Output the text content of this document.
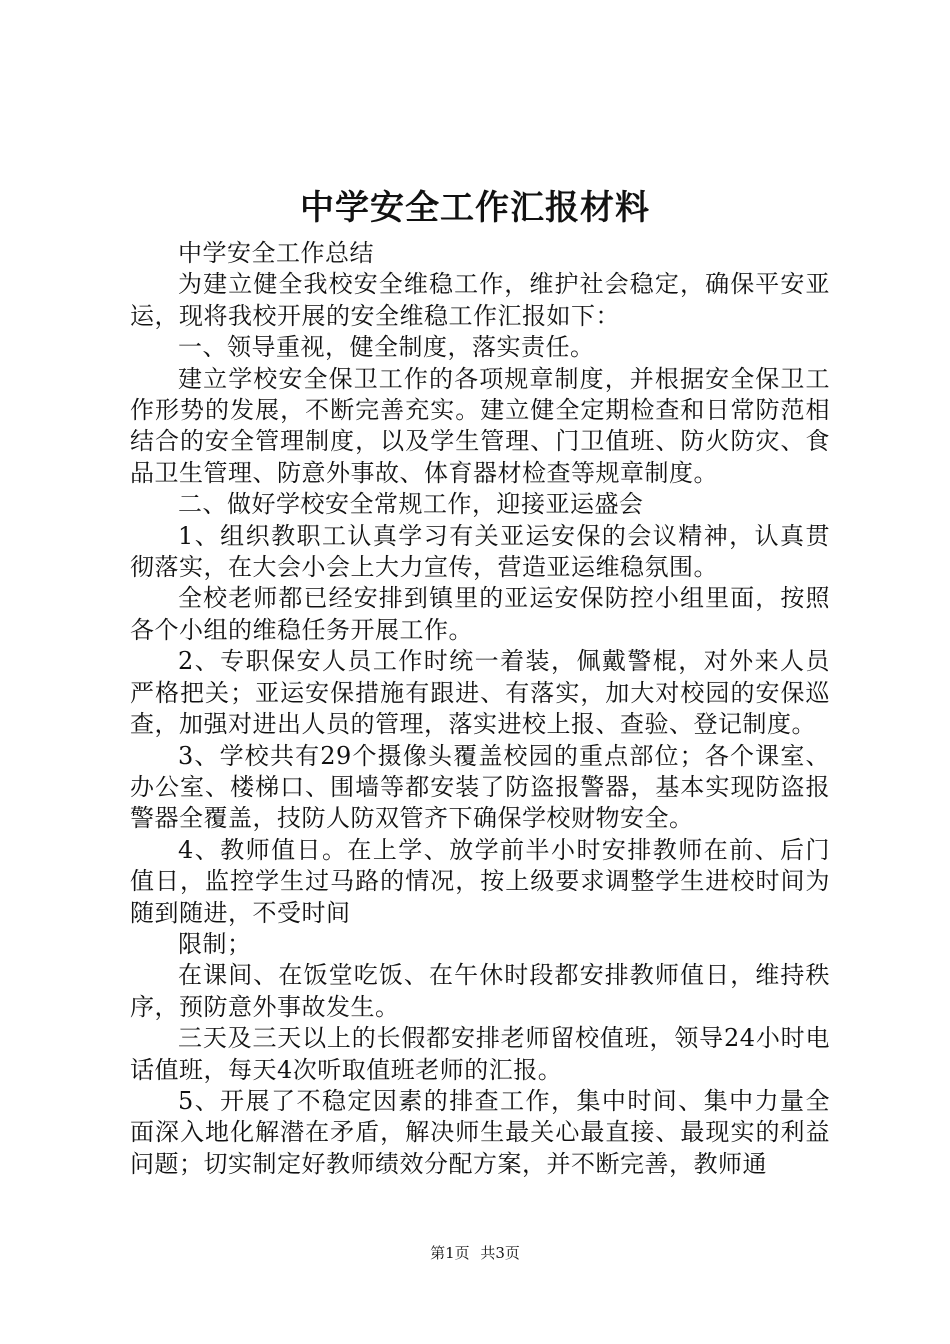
中学安全工作汇报材料

中学安全工作总结

为建立健全我校安全维稳工作，维护社会稳定，确保平安亚运，现将我校开展的安全维稳工作汇报如下：

一、领导重视，健全制度，落实责任。

建立学校安全保卫工作的各项规章制度，并根据安全保卫工作形势的发展，不断完善充实。建立健全定期检查和日常防范相结合的安全管理制度，以及学生管理、门卫值班、防火防灾、食品卫生管理、防意外事故、体育器材检查等规章制度。

二、做好学校安全常规工作，迎接亚运盛会

1、组织教职工认真学习有关亚运安保的会议精神，认真贯彻落实，在大会小会上大力宣传，营造亚运维稳氛围。

全校老师都已经安排到镇里的亚运安保防控小组里面，按照各个小组的维稳任务开展工作。

2、专职保安人员工作时统一着装，佩戴警棍，对外来人员严格把关；亚运安保措施有跟进、有落实，加大对校园的安保巡查，加强对进出人员的管理，落实进校上报、查验、登记制度。

3、学校共有29个摄像头覆盖校园的重点部位；各个课室、办公室、楼梯口、围墙等都安装了防盗报警器，基本实现防盗报警器全覆盖，技防人防双管齐下确保学校财物安全。

4、教师值日。在上学、放学前半小时安排教师在前、后门值日，监控学生过马路的情况，按上级要求调整学生进校时间为随到随进，不受时间

限制；

在课间、在饭堂吃饭、在午休时段都安排教师值日，维持秩序，预防意外事故发生。

三天及三天以上的长假都安排老师留校值班，领导24小时电话值班，每天4次听取值班老师的汇报。

5、开展了不稳定因素的排查工作，集中时间、集中力量全面深入地化解潜在矛盾，解决师生最关心最直接、最现实的利益问题；切实制定好教师绩效分配方案，并不断完善，教师通

第1页 共3页
